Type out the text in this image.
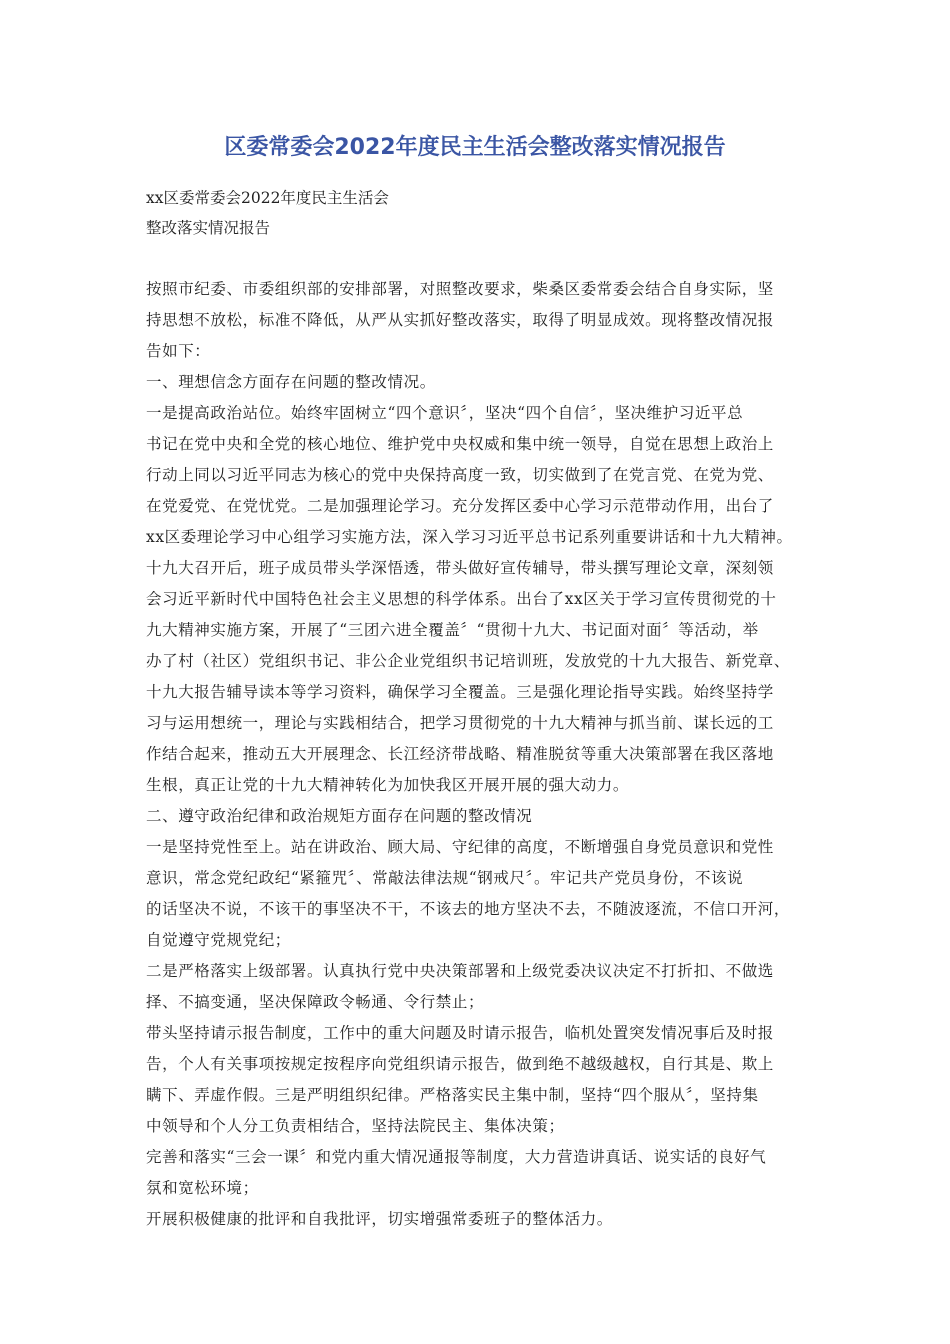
区委常委会2022年度民主生活会整改落实情况报告
xx区委常委会2022年度民主生活会
整改落实情况报告

按照市纪委、市委组织部的安排部署，对照整改要求，柴桑区委常委会结合自身实际，坚

持思想不放松，标准不降低，从严从实抓好整改落实，取得了明显成效。现将整改情况报

告如下：

一、理想信念方面存在问题的整改情况。

一是提高政治站位。始终牢固树立“四个意识〞，坚决“四个自信〞，坚决维护习近平总

书记在党中央和全党的核心地位、维护党中央权威和集中统一领导，自觉在思想上政治上

行动上同以习近平同志为核心的党中央保持高度一致，切实做到了在党言党、在党为党、

在党爱党、在党忧党。二是加强理论学习。充分发挥区委中心学习示范带动作用，出台了

xx区委理论学习中心组学习实施方法，深入学习习近平总书记系列重要讲话和十九大精神。

十九大召开后，班子成员带头学深悟透，带头做好宣传辅导，带头撰写理论文章，深刻领

会习近平新时代中国特色社会主义思想的科学体系。出台了xx区关于学习宣传贯彻党的十

九大精神实施方案，开展了“三团六进全覆盖〞“贯彻十九大、书记面对面〞等活动，举

办了村（社区）党组织书记、非公企业党组织书记培训班，发放党的十九大报告、新党章、

十九大报告辅导读本等学习资料，确保学习全覆盖。三是强化理论指导实践。始终坚持学

习与运用想统一，理论与实践相结合，把学习贯彻党的十九大精神与抓当前、谋长远的工

作结合起来，推动五大开展理念、长江经济带战略、精准脱贫等重大决策部署在我区落地

生根，真正让党的十九大精神转化为加快我区开展开展的强大动力。

二、遵守政治纪律和政治规矩方面存在问题的整改情况

一是坚持党性至上。站在讲政治、顾大局、守纪律的高度，不断增强自身党员意识和党性

意识，常念党纪政纪“紧箍咒〞、常敲法律法规“钢戒尺〞。牢记共产党员身份，不该说

的话坚决不说，不该干的事坚决不干，不该去的地方坚决不去，不随波逐流，不信口开河，

自觉遵守党规党纪；

二是严格落实上级部署。认真执行党中央决策部署和上级党委决议决定不打折扣、不做选

择、不搞变通，坚决保障政令畅通、令行禁止；

带头坚持请示报告制度，工作中的重大问题及时请示报告，临机处置突发情况事后及时报

告，个人有关事项按规定按程序向党组织请示报告，做到绝不越级越权，自行其是、欺上

瞒下、弄虚作假。三是严明组织纪律。严格落实民主集中制，坚持“四个服从〞，坚持集

中领导和个人分工负责相结合，坚持法院民主、集体决策；

完善和落实“三会一课〞和党内重大情况通报等制度，大力营造讲真话、说实话的良好气

氛和宽松环境；

开展积极健康的批评和自我批评，切实增强常委班子的整体活力。
